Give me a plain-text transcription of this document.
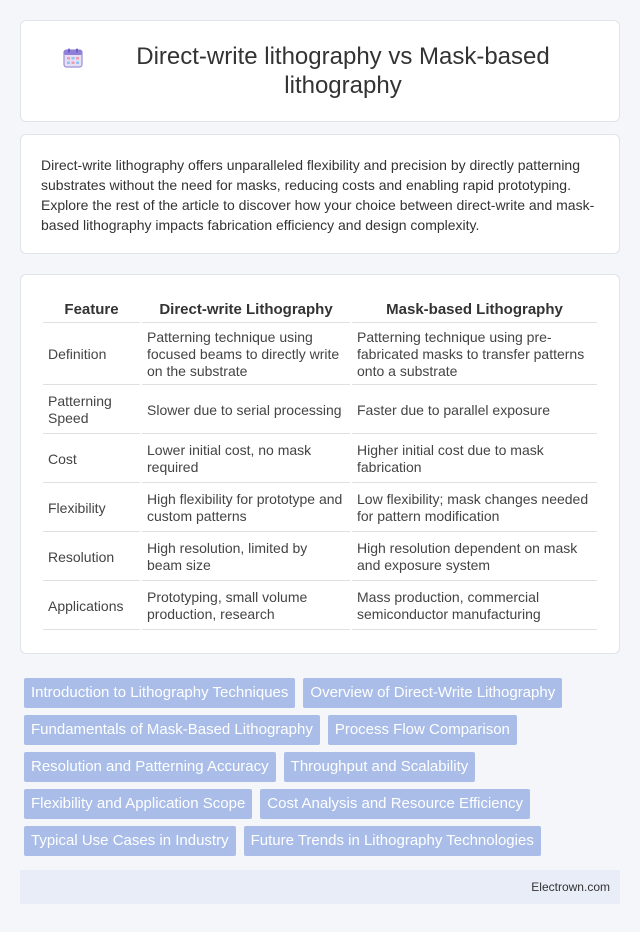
Direct-write lithography vs Mask-based lithography

Direct-write lithography offers unparalleled flexibility and precision by directly patterning substrates without the need for masks, reducing costs and enabling rapid prototyping. Explore the rest of the article to discover how your choice between direct-write and mask-based lithography impacts fabrication efficiency and design complexity.

Feature	Direct-write Lithography	Mask-based Lithography
Definition	Patterning technique using focused beams to directly write on the substrate	Patterning technique using pre-fabricated masks to transfer patterns onto a substrate
Patterning Speed	Slower due to serial processing	Faster due to parallel exposure
Cost	Lower initial cost, no mask required	Higher initial cost due to mask fabrication
Flexibility	High flexibility for prototype and custom patterns	Low flexibility; mask changes needed for pattern modification
Resolution	High resolution, limited by beam size	High resolution dependent on mask and exposure system
Applications	Prototyping, small volume production, research	Mass production, commercial semiconductor manufacturing
Introduction to Lithography Techniques	Overview of Direct-Write Lithography
Fundamentals of Mask-Based Lithography	Process Flow Comparison
Resolution and Patterning Accuracy	Throughput and Scalability
Flexibility and Application Scope	Cost Analysis and Resource Efficiency
Typical Use Cases in Industry	Future Trends in Lithography Technologies
Electrown.com
